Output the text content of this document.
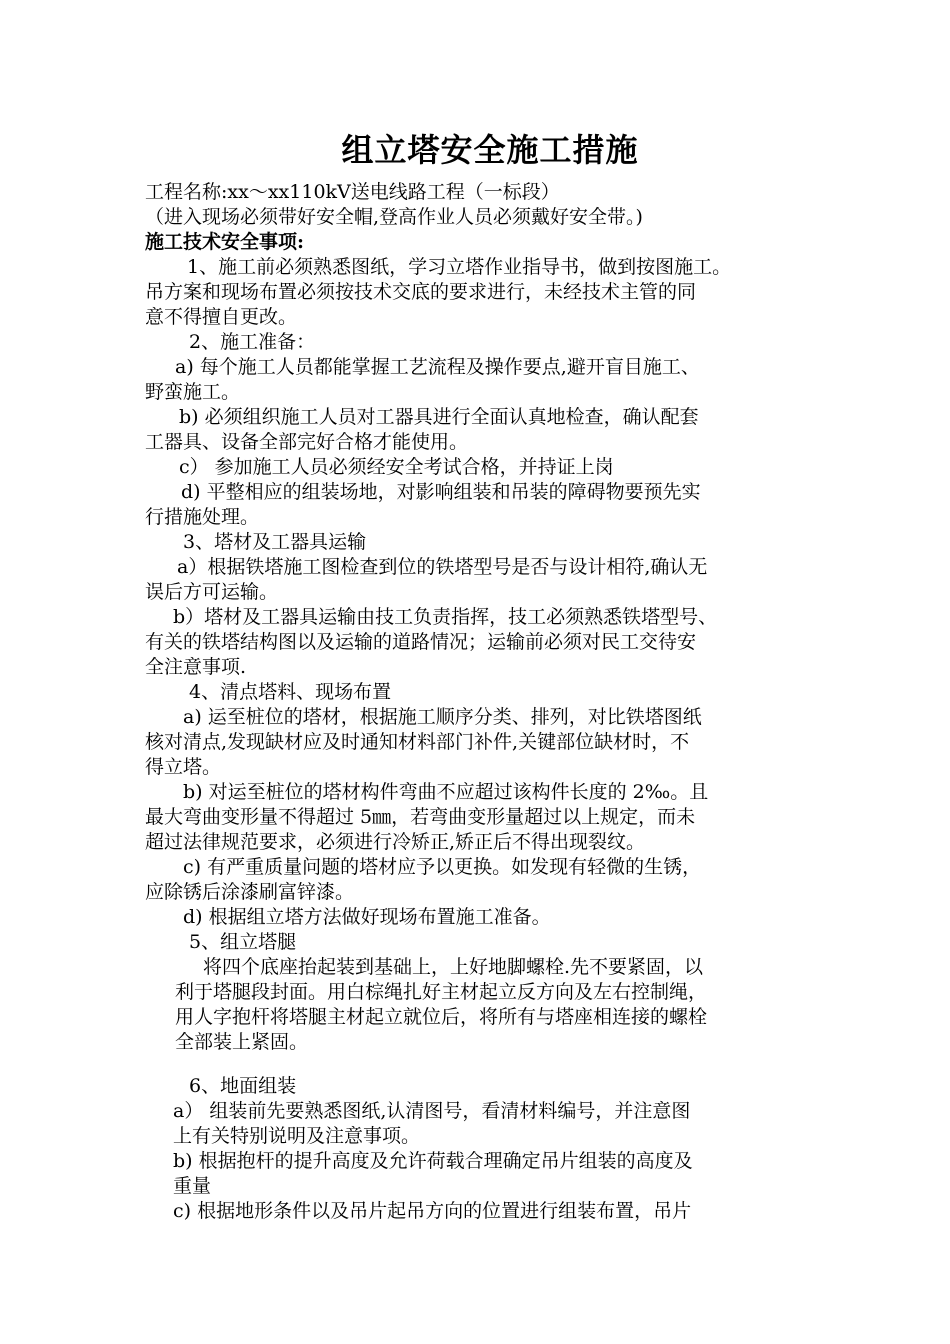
组立塔安全施工措施
工程名称:xx～xx110kV送电线路工程（一标段）
（进入现场必须带好安全帽,登高作业人员必须戴好安全带。)
施工技术安全事项:
1、施工前必须熟悉图纸，学习立塔作业指导书，做到按图施工。
吊方案和现场布置必须按技术交底的要求进行，未经技术主管的同
意不得擅自更改。
2、施工准备：
a) 每个施工人员都能掌握工艺流程及操作要点,避开盲目施工、
野蛮施工。
b) 必须组织施工人员对工器具进行全面认真地检查，确认配套
工器具、设备全部完好合格才能使用。
c） 参加施工人员必须经安全考试合格，并持证上岗
d) 平整相应的组装场地，对影响组装和吊装的障碍物要预先实
行措施处理。
3、塔材及工器具运输
a）根据铁塔施工图检查到位的铁塔型号是否与设计相符,确认无
误后方可运输。
b）塔材及工器具运输由技工负责指挥，技工必须熟悉铁塔型号、
有关的铁塔结构图以及运输的道路情况；运输前必须对民工交待安
全注意事项.
4、清点塔料、现场布置
a) 运至桩位的塔材，根据施工顺序分类、排列，对比铁塔图纸
核对清点,发现缺材应及时通知材料部门补件,关键部位缺材时，不
得立塔。
b) 对运至桩位的塔材构件弯曲不应超过该构件长度的 2‰。且
最大弯曲变形量不得超过 5㎜，若弯曲变形量超过以上规定，而未
超过法律规范要求，必须进行冷矫正,矫正后不得出现裂纹。
c) 有严重质量问题的塔材应予以更换。如发现有轻微的生锈，
应除锈后涂漆刷富锌漆。
d) 根据组立塔方法做好现场布置施工准备。
5、组立塔腿
将四个底座抬起装到基础上，上好地脚螺栓.先不要紧固，以
利于塔腿段封面。用白棕绳扎好主材起立反方向及左右控制绳，
用人字抱杆将塔腿主材起立就位后，将所有与塔座相连接的螺栓
全部装上紧固。
6、地面组装
a） 组装前先要熟悉图纸,认清图号，看清材料编号，并注意图
上有关特别说明及注意事项。
b) 根据抱杆的提升高度及允许荷载合理确定吊片组装的高度及
重量
c) 根据地形条件以及吊片起吊方向的位置进行组装布置，吊片
